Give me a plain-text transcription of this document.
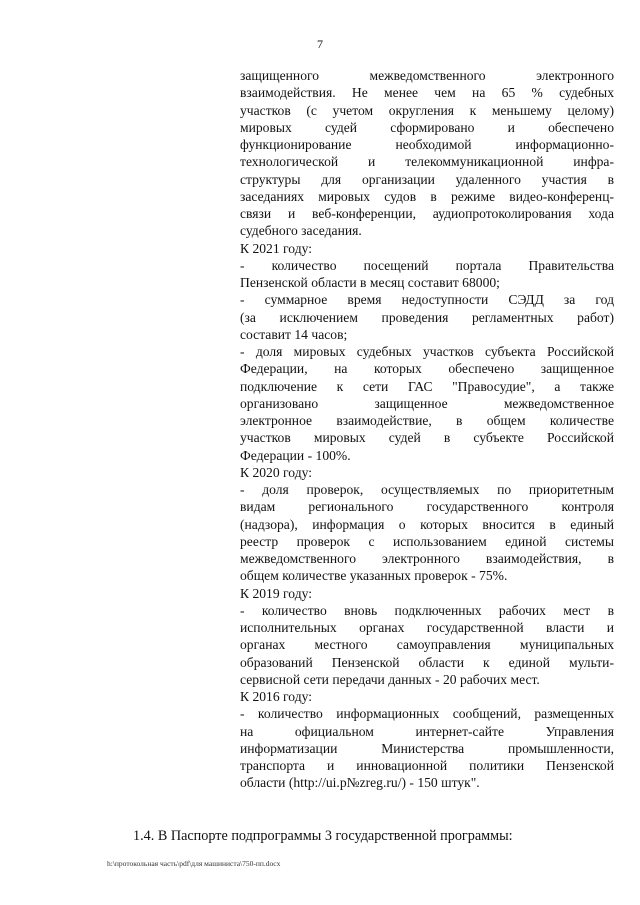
7
защищенного межведомственного электронного
взаимодействия. Не менее чем на 65 % судебных
участков (с учетом округления к меньшему целому)
мировых судей сформировано и обеспечено
функционирование необходимой информационно-
технологической и телекоммуникационной инфра-
структуры для организации удаленного участия в
заседаниях мировых судов в режиме видео-конференц-
связи и веб-конференции, аудиопротоколирования хода
судебного заседания.
К 2021 году:
- количество посещений портала Правительства
Пензенской области в месяц составит 68000;
- суммарное время недоступности СЭДД за год
(за исключением проведения регламентных работ)
составит 14 часов;
- доля мировых судебных участков субъекта Российской
Федерации, на которых обеспечено защищенное
подключение к сети ГАС "Правосудие", а также
организовано защищенное межведомственное
электронное взаимодействие, в общем количестве
участков мировых судей в субъекте Российской
Федерации - 100%.
К 2020 году:
- доля проверок, осуществляемых по приоритетным
видам регионального государственного контроля
(надзора), информация о которых вносится в единый
реестр проверок с использованием единой системы
межведомственного электронного взаимодействия, в
общем количестве указанных проверок - 75%.
К 2019 году:
- количество вновь подключенных рабочих мест в
исполнительных органах государственной власти и
органах местного самоуправления муниципальных
образований Пензенской области к единой мульти-
сервисной сети передачи данных - 20 рабочих мест.
К 2016 году:
- количество информационных сообщений, размещенных
на официальном интернет-сайте Управления
информатизации Министерства промышленности,
транспорта и инновационной политики Пензенской
области (http://ui.p№zreg.ru/) - 150 штук".
1.4. В Паспорте подпрограммы 3 государственной программы:
h:\протокольная часть\pdf\для машиниста\750-пп.docx
